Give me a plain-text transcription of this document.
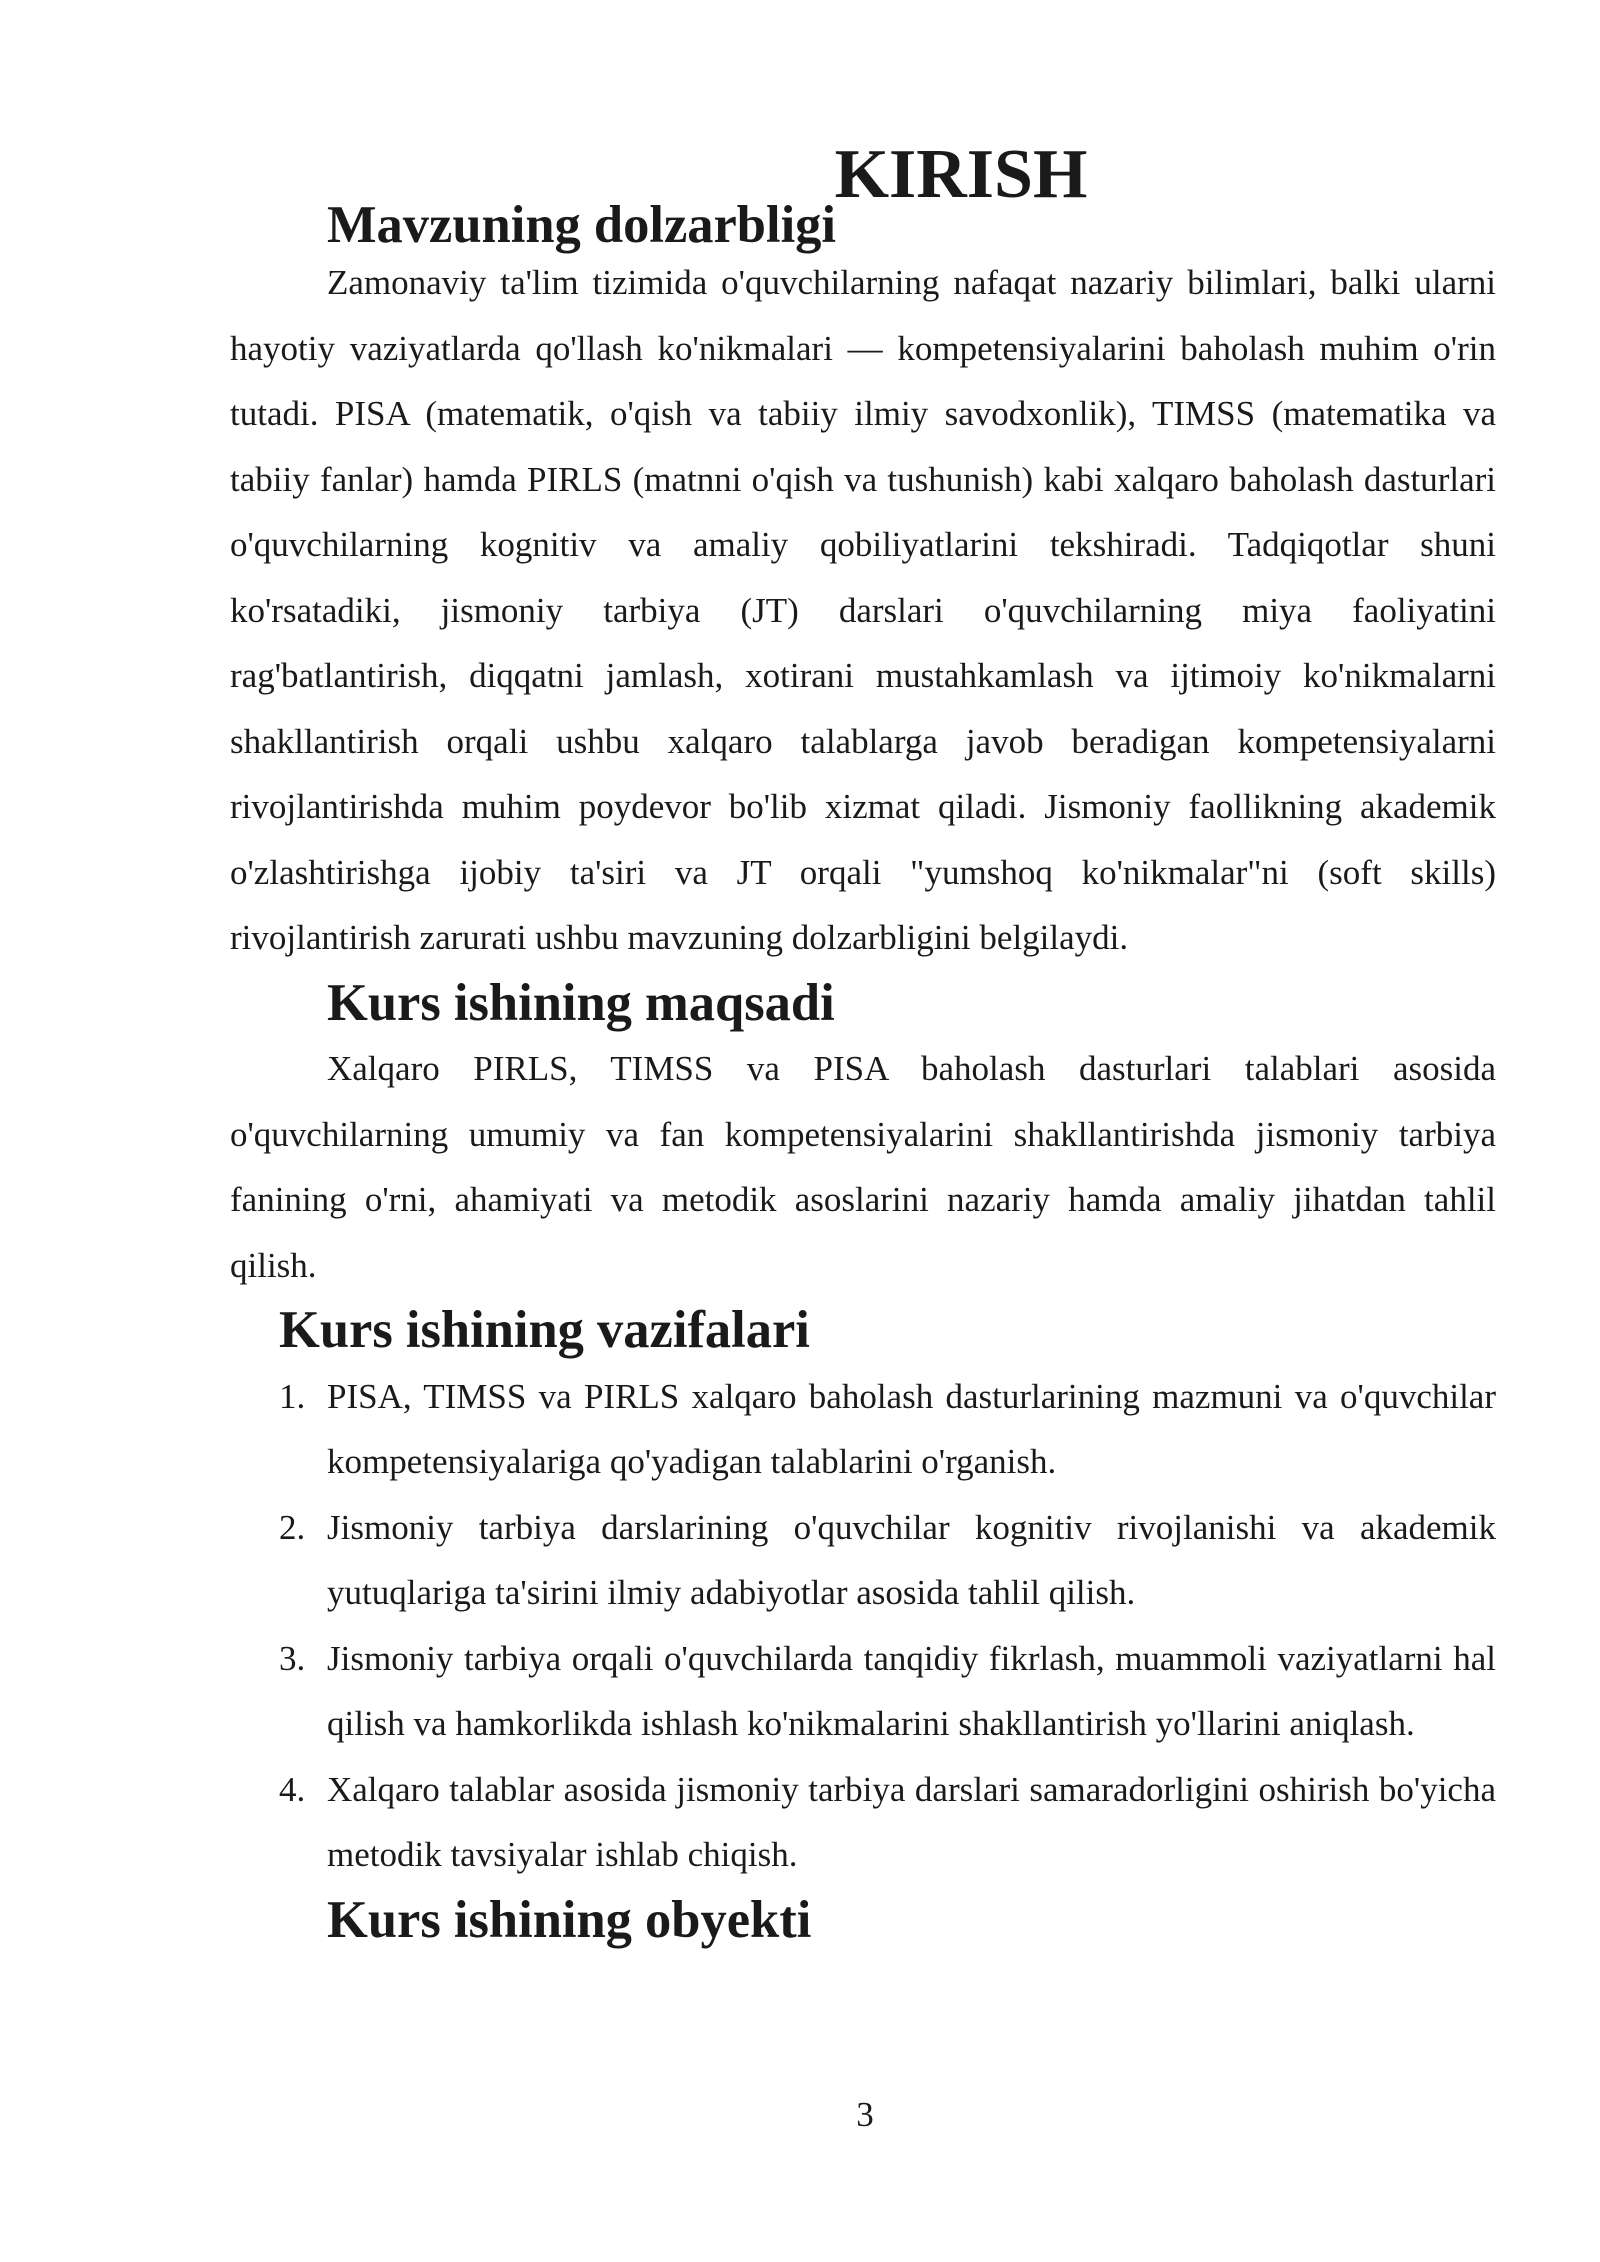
KIRISH
Mavzuning dolzarbligi

Zamonaviy ta'lim tizimida o'quvchilarning nafaqat nazariy bilimlari, balki ularni hayotiy vaziyatlarda qo'llash ko'nikmalari — kompetensiyalarini baholash muhim o'rin tutadi. PISA (matematik, o'qish va tabiiy ilmiy savodxonlik), TIMSS (matematika va tabiiy fanlar) hamda PIRLS (matnni o'qish va tushunish) kabi xalqaro baholash dasturlari o'quvchilarning kognitiv va amaliy qobiliyatlarini tekshiradi. Tadqiqotlar shuni ko'rsatadiki, jismoniy tarbiya (JT) darslari o'quvchilarning miya faoliyatini rag'batlantirish, diqqatni jamlash, xotirani mustahkamlash va ijtimoiy ko'nikmalarni shakllantirish orqali ushbu xalqaro talablarga javob beradigan kompetensiyalarni rivojlantirishda muhim poydevor bo'lib xizmat qiladi. Jismoniy faollikning akademik o'zlashtirishga ijobiy ta'siri va JT orqali "yumshoq ko'nikmalar"ni (soft skills) rivojlantirish zarurati ushbu mavzuning dolzarbligini belgilaydi.

Kurs ishining maqsadi

Xalqaro PIRLS, TIMSS va PISA baholash dasturlari talablari asosida o'quvchilarning umumiy va fan kompetensiyalarini shakllantirishda jismoniy tarbiya fanining o'rni, ahamiyati va metodik asoslarini nazariy hamda amaliy jihatdan tahlil qilish.

Kurs ishining vazifalari
1. PISA, TIMSS va PIRLS xalqaro baholash dasturlarining mazmuni va o'quvchilar kompetensiyalariga qo'yadigan talablarini o'rganish.
2. Jismoniy tarbiya darslarining o'quvchilar kognitiv rivojlanishi va akademik yutuqlariga ta'sirini ilmiy adabiyotlar asosida tahlil qilish.
3. Jismoniy tarbiya orqali o'quvchilarda tanqidiy fikrlash, muammoli vaziyatlarni hal qilish va hamkorlikda ishlash ko'nikmalarini shakllantirish yo'llarini aniqlash.
4. Xalqaro talablar asosida jismoniy tarbiya darslari samaradorligini oshirish bo'yicha metodik tavsiyalar ishlab chiqish.
Kurs ishining obyekti
3
